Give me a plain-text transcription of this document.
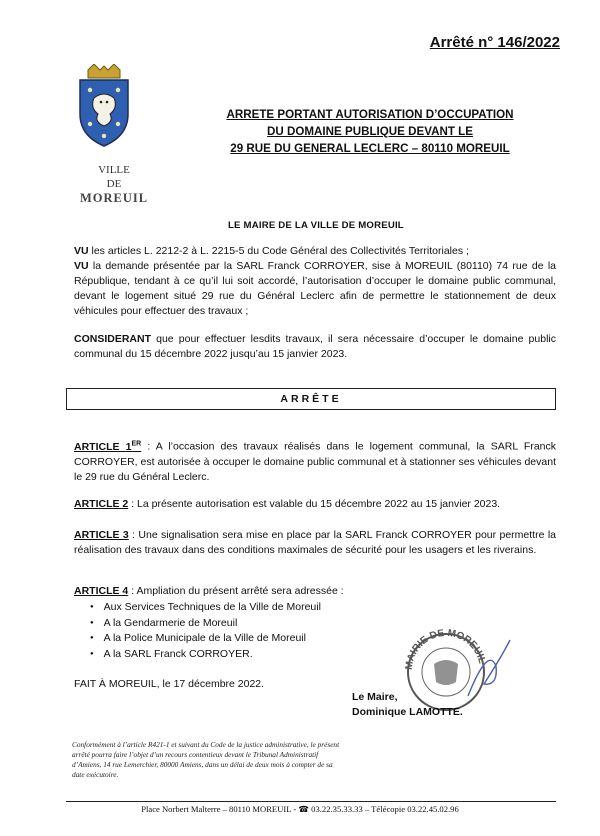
Arrêté n° 146/2022
VILLE
DE
MOREUIL
ARRETE PORTANT AUTORISATION D’OCCUPATION
DU DOMAINE PUBLIQUE DEVANT LE
29 RUE DU GENERAL LECLERC – 80110 MOREUIL
LE MAIRE DE LA VILLE DE MOREUIL
VU les articles L. 2212-2 à L. 2215-5 du Code Général des Collectivités Territoriales ;
VU la demande présentée par la SARL Franck CORROYER, sise à MOREUIL (80110) 74 rue de la République, tendant à ce qu’il lui soit accordé, l’autorisation d’occuper le domaine public communal, devant le logement situé 29 rue du Général Leclerc afin de permettre le stationnement de deux véhicules pour effectuer des travaux ;
CONSIDERANT que pour effectuer lesdits travaux, il sera nécessaire d’occuper le domaine public communal du 15 décembre 2022 jusqu’au 15 janvier 2023.
ARRÊTE
ARTICLE 1ER : A l’occasion des travaux réalisés dans le logement communal, la SARL Franck CORROYER, est autorisée à occuper le domaine public communal et à stationner ses véhicules devant le 29 rue du Général Leclerc.
ARTICLE 2 : La présente autorisation est valable du 15 décembre 2022 au 15 janvier 2023.
ARTICLE 3 : Une signalisation sera mise en place par la SARL Franck CORROYER pour permettre la réalisation des travaux dans des conditions maximales de sécurité pour les usagers et les riverains.
ARTICLE 4 : Ampliation du présent arrêté sera adressée :
● Aux Services Techniques de la Ville de Moreuil
● A la Gendarmerie de Moreuil
● A la Police Municipale de la Ville de Moreuil
● A la SARL Franck CORROYER.
FAIT À MOREUIL, le 17 décembre 2022.
MAIRIE DE MOREUIL
Le Maire,
Dominique LAMOTTE.
Conformément à l’article R421-1 et suivant du Code de la justice administrative, le présent arrêté pourra faire l’objet d’un recours contentieux devant le Tribunal Administratif d’Amiens, 14 rue Lemerchier, 80000 Amiens, dans un délai de deux mois à compter de sa date exécutoire.
Place Norbert Malterre – 80110 MOREUIL - ☎ 03.22.35.33.33 – Télécopie 03.22.45.02.96
